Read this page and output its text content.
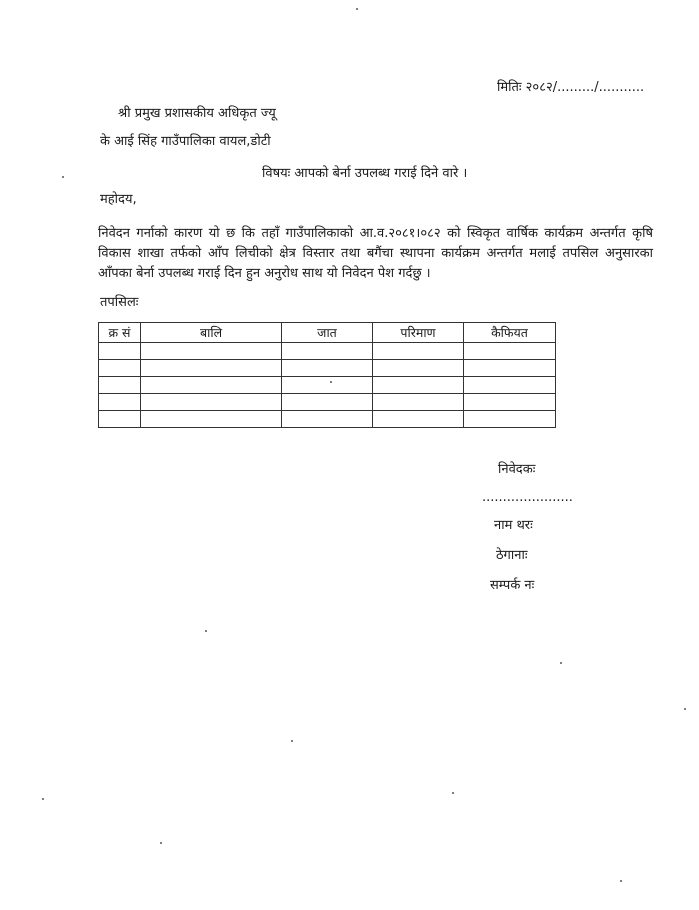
मितिः २०८२/........./...........
श्री प्रमुख प्रशासकीय अधिकृत ज्यू
के आई सिंह गाउँपालिका वायल,डोटी
विषयः आपको बेर्ना उपलब्ध गराई दिने वारे ।
महोदय,
निवेदन गर्नाको कारण यो छ कि तहाँ गाउँपालिकाको आ.व.२०८१।०८२ को स्विकृत वार्षिक कार्यक्रम अन्तर्गत कृषि विकास शाखा तर्फको आँप लिचीको क्षेत्र विस्तार तथा बगैंचा स्थापना कार्यक्रम अन्तर्गत मलाई तपसिल अनुसारका आँपका बेर्ना उपलब्ध गराई दिन हुन अनुरोध साथ यो निवेदन पेश गर्दछु ।
तपसिलः
क्र सं	बालि	जात	परिमाण	कैफियत

निवेदकः
......................
नाम थरः
ठेगानाः
सम्पर्क नः
